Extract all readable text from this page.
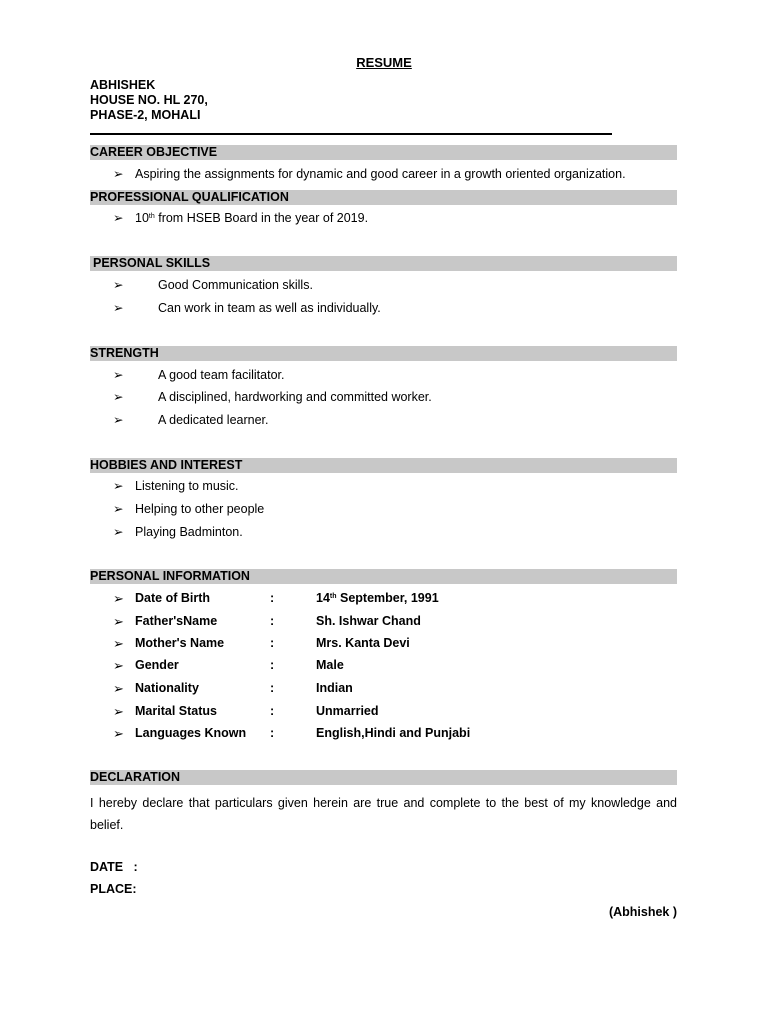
RESUME
ABHISHEK
HOUSE NO. HL 270,
PHASE-2, MOHALI
CAREER OBJECTIVE
➢ Aspiring the assignments for dynamic and good career in a growth oriented organization.
PROFESSIONAL QUALIFICATION
➢ 10th from HSEB Board in the year of 2019.
PERSONAL SKILLS
➢	Good Communication skills.
➢	Can work in team as well as individually.
STRENGTH
➢	A good team facilitator.
➢	A disciplined, hardworking and committed worker.
➢	A dedicated learner.
HOBBIES AND INTEREST
➢ Listening to music.
➢ Helping to other people
➢ Playing Badminton.
PERSONAL INFORMATION
➢ Date of Birth	:	14th September, 1991
➢ Father'sName	:	Sh. Ishwar Chand
➢ Mother's Name	:	Mrs. Kanta Devi
➢ Gender	:	Male
➢ Nationality	:	Indian
➢ Marital Status	:	Unmarried
➢ Languages Known :	English,Hindi and Punjabi
DECLARATION
I hereby declare that particulars given herein are true and complete to the best of my knowledge and belief.
DATE   :
PLACE:
(Abhishek )
